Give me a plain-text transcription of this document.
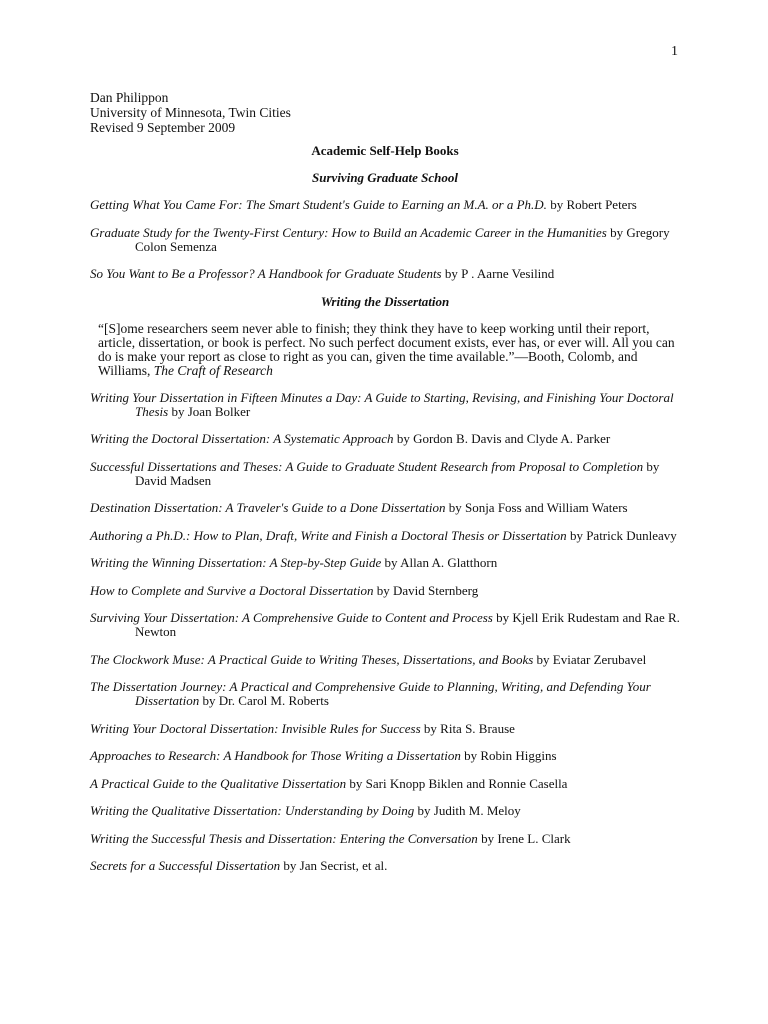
1
Dan Philippon
University of Minnesota, Twin Cities
Revised 9 September 2009
Academic Self-Help Books
Surviving Graduate School
Getting What You Came For: The Smart Student's Guide to Earning an M.A. or a Ph.D. by Robert Peters
Graduate Study for the Twenty-First Century: How to Build an Academic Career in the Humanities by Gregory Colon Semenza
So You Want to Be a Professor? A Handbook for Graduate Students by P . Aarne Vesilind
Writing the Dissertation
“[S]ome researchers seem never able to finish; they think they have to keep working until their report, article, dissertation, or book is perfect. No such perfect document exists, ever has, or ever will. All you can do is make your report as close to right as you can, given the time available.”—Booth, Colomb, and Williams, The Craft of Research
Writing Your Dissertation in Fifteen Minutes a Day: A Guide to Starting, Revising, and Finishing Your Doctoral Thesis by Joan Bolker
Writing the Doctoral Dissertation: A Systematic Approach by Gordon B. Davis and Clyde A. Parker
Successful Dissertations and Theses: A Guide to Graduate Student Research from Proposal to Completion by David Madsen
Destination Dissertation: A Traveler's Guide to a Done Dissertation by Sonja Foss and William Waters
Authoring a Ph.D.: How to Plan, Draft, Write and Finish a Doctoral Thesis or Dissertation by Patrick Dunleavy
Writing the Winning Dissertation: A Step-by-Step Guide by Allan A. Glatthorn
How to Complete and Survive a Doctoral Dissertation by David Sternberg
Surviving Your Dissertation: A Comprehensive Guide to Content and Process by Kjell Erik Rudestam and Rae R. Newton
The Clockwork Muse: A Practical Guide to Writing Theses, Dissertations, and Books by Eviatar Zerubavel
The Dissertation Journey: A Practical and Comprehensive Guide to Planning, Writing, and Defending Your Dissertation by Dr. Carol M. Roberts
Writing Your Doctoral Dissertation: Invisible Rules for Success by Rita S. Brause
Approaches to Research: A Handbook for Those Writing a Dissertation by Robin Higgins
A Practical Guide to the Qualitative Dissertation by Sari Knopp Biklen and Ronnie Casella
Writing the Qualitative Dissertation: Understanding by Doing by Judith M. Meloy
Writing the Successful Thesis and Dissertation: Entering the Conversation by Irene L. Clark
Secrets for a Successful Dissertation by Jan Secrist, et al.
